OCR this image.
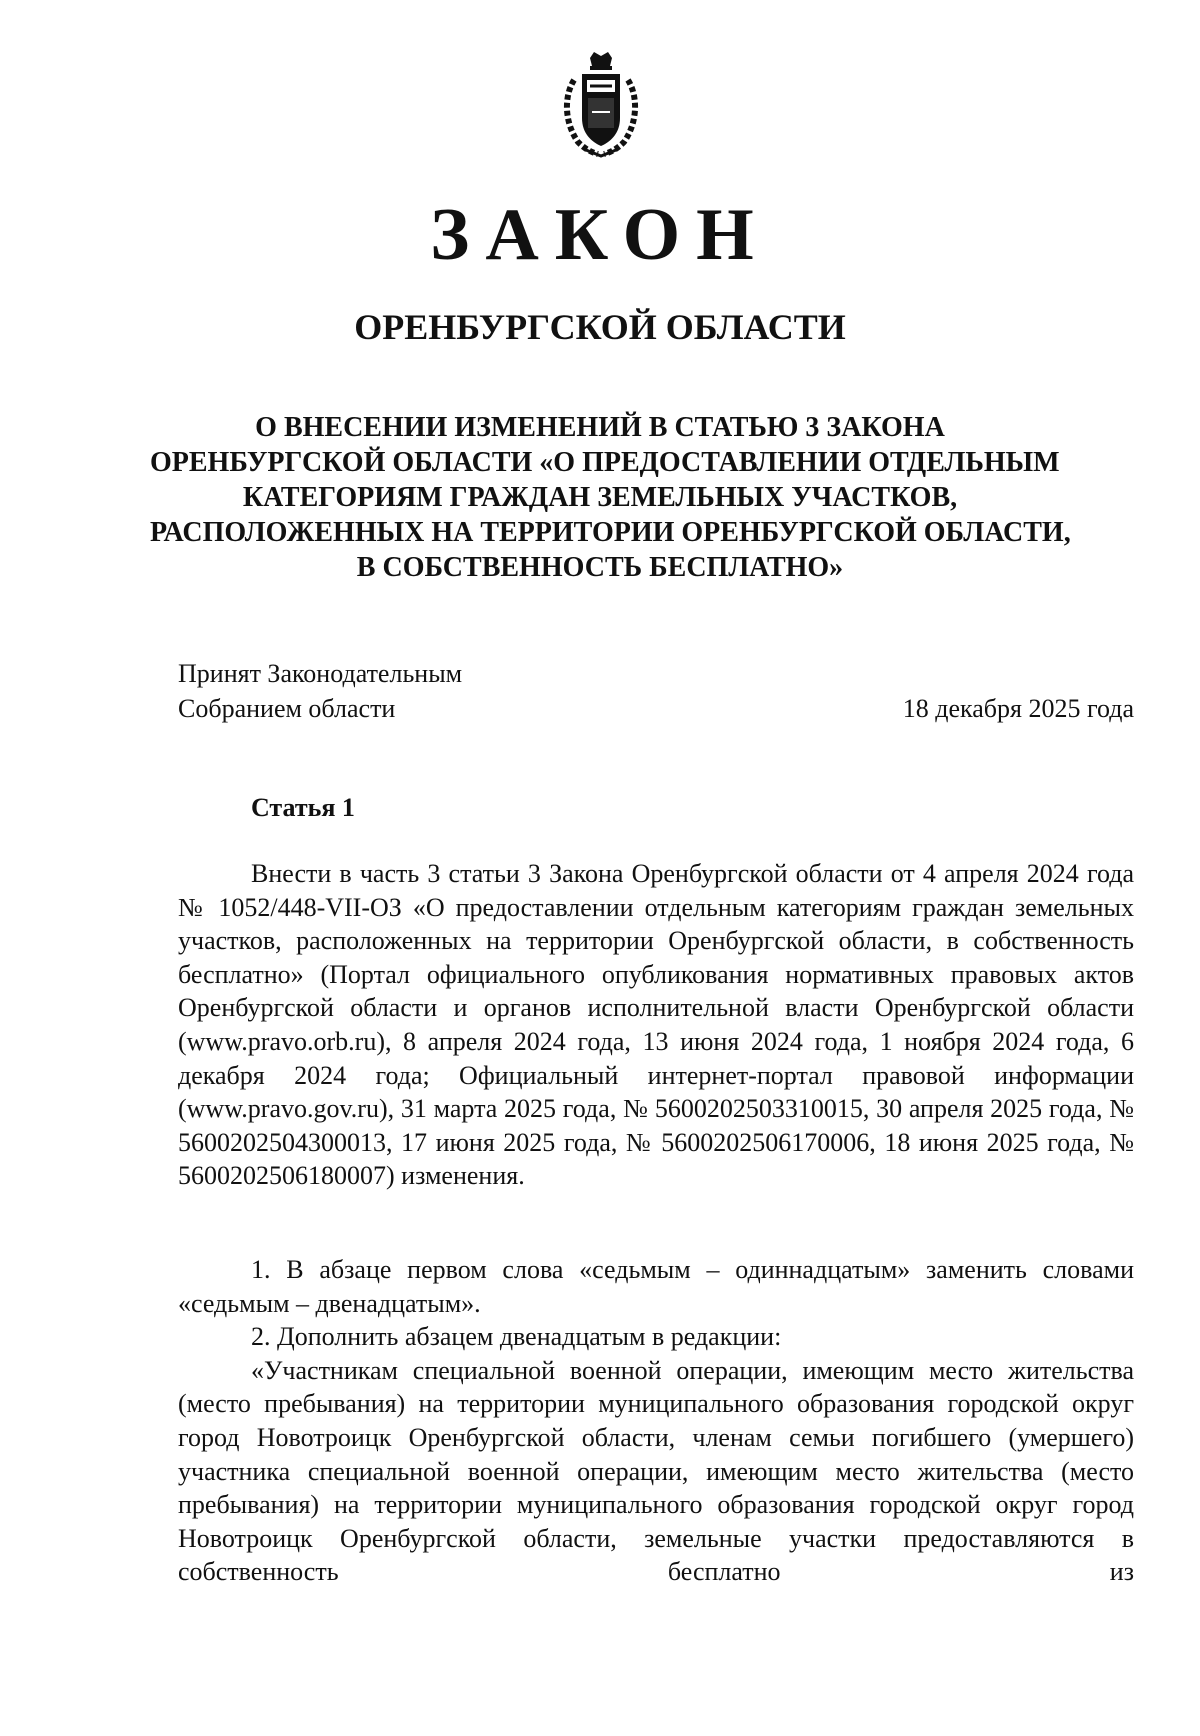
ЗАКОН
ОРЕНБУРГСКОЙ ОБЛАСТИ
О ВНЕСЕНИИ ИЗМЕНЕНИЙ В СТАТЬЮ 3 ЗАКОНА
ОРЕНБУРГСКОЙ ОБЛАСТИ «О ПРЕДОСТАВЛЕНИИ ОТДЕЛЬНЫМ
КАТЕГОРИЯМ ГРАЖДАН ЗЕМЕЛЬНЫХ УЧАСТКОВ,
РАСПОЛОЖЕННЫХ НА ТЕРРИТОРИИ ОРЕНБУРГСКОЙ ОБЛАСТИ,
В СОБСТВЕННОСТЬ БЕСПЛАТНО»
Принят Законодательным
Собранием области	18 декабря 2025 года
Статья 1

Внести в часть 3 статьи 3 Закона Оренбургской области от 4 апреля 2024 года № 1052/448-VII-ОЗ «О предоставлении отдельным категориям граждан земельных участков, расположенных на территории Оренбургской области, в собственность бесплатно» (Портал официального опубликования нормативных правовых актов Оренбургской области и органов исполнительной власти Оренбургской области (www.pravo.orb.ru), 8 апреля 2024 года, 13 июня 2024 года, 1 ноября 2024 года, 6 декабря 2024 года; Официальный интернет-портал правовой информации (www.pravo.gov.ru), 31 марта 2025 года, № 5600202503310015, 30 апреля 2025 года, № 5600202504300013, 17 июня 2025 года, № 5600202506170006, 18 июня 2025 года, № 5600202506180007) изменения.

1. В абзаце первом слова «седьмым – одиннадцатым» заменить словами «седьмым – двенадцатым».

2. Дополнить абзацем двенадцатым в редакции:

«Участникам специальной военной операции, имеющим место жительства (место пребывания) на территории муниципального образования городской округ город Новотроицк Оренбургской области, членам семьи погибшего (умершего) участника специальной военной операции, имеющим место жительства (место пребывания) на территории муниципального образования городской округ город Новотроицк Оренбургской области, земельные участки предоставляются в собственность бесплатно из
